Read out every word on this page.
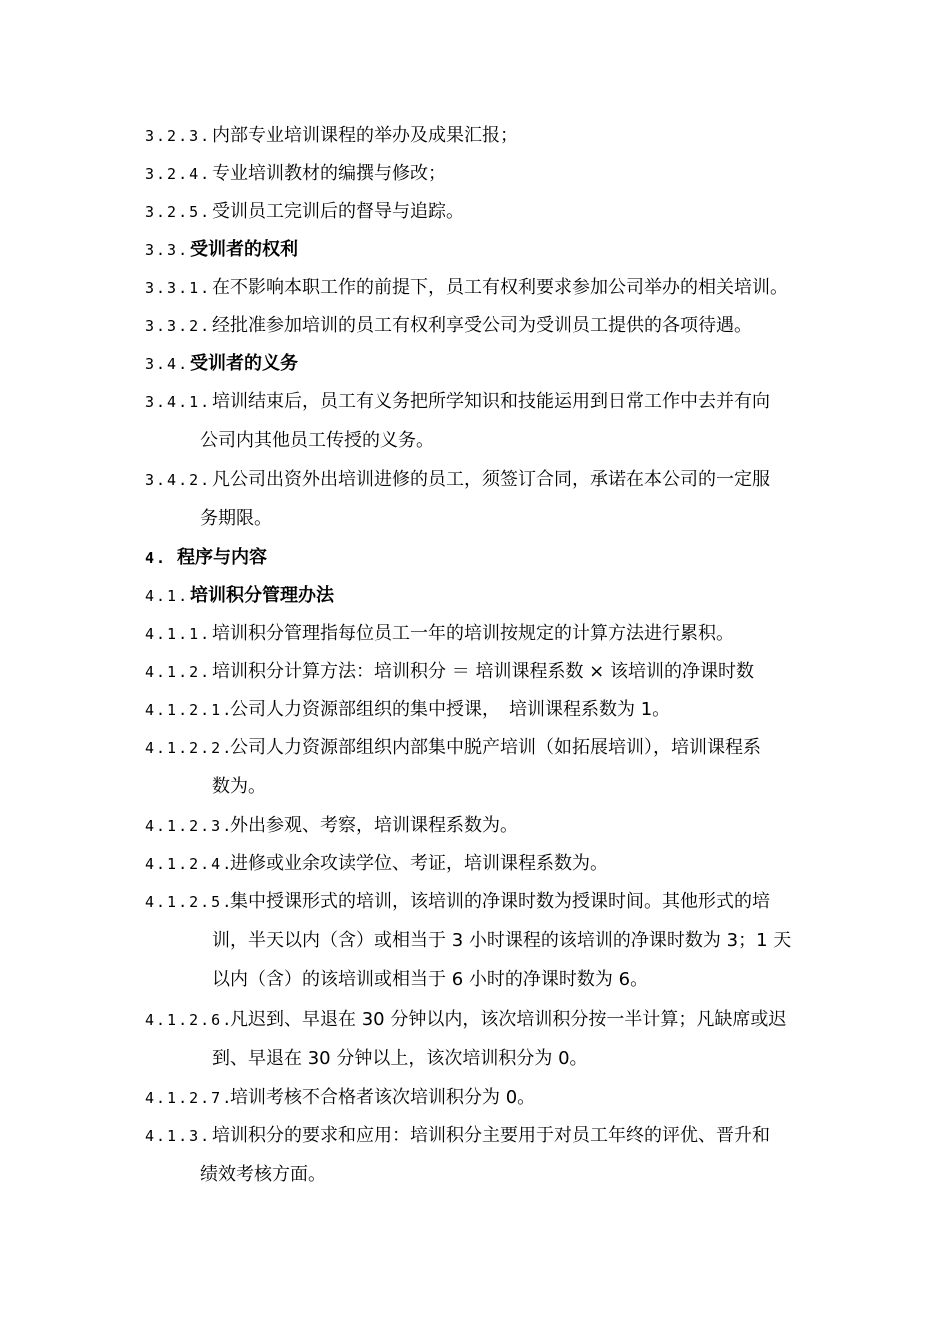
3.2.3. 内部专业培训课程的举办及成果汇报；
3.2.4. 专业培训教材的编撰与修改；
3.2.5. 受训员工完训后的督导与追踪。
3.3. 受训者的权利
3.3.1. 在不影响本职工作的前提下，员工有权利要求参加公司举办的相关培训。
3.3.2. 经批准参加培训的员工有权利享受公司为受训员工提供的各项待遇。
3.4. 受训者的义务
3.4.1. 培训结束后，员工有义务把所学知识和技能运用到日常工作中去并有向
公司内其他员工传授的义务。
3.4.2. 凡公司出资外出培训进修的员工，须签订合同，承诺在本公司的一定服
务期限。
4. 程序与内容
4.1. 培训积分管理办法
4.1.1. 培训积分管理指每位员工一年的培训按规定的计算方法进行累积。
4.1.2. 培训积分计算方法：培训积分 ＝ 培训课程系数 × 该培训的净课时数
4.1.2.1.
公司人力资源部组织的集中授课，　培训课程系数为 1。
4.1.2.2.
公司人力资源部组织内部集中脱产培训（如拓展培训），培训课程系
数为。
4.1.2.3.
外出参观、考察，培训课程系数为。
4.1.2.4.
进修或业余攻读学位、考证，培训课程系数为。
4.1.2.5.
集中授课形式的培训，该培训的净课时数为授课时间。其他形式的培
训，半天以内（含）或相当于 3 小时课程的该培训的净课时数为 3；1 天
以内（含）的该培训或相当于 6 小时的净课时数为 6。
4.1.2.6.
凡迟到、早退在 30 分钟以内，该次培训积分按一半计算；凡缺席或迟
到、早退在 30 分钟以上，该次培训积分为 0。
4.1.2.7.
培训考核不合格者该次培训积分为 0。
4.1.3. 培训积分的要求和应用：培训积分主要用于对员工年终的评优、晋升和
绩效考核方面。
